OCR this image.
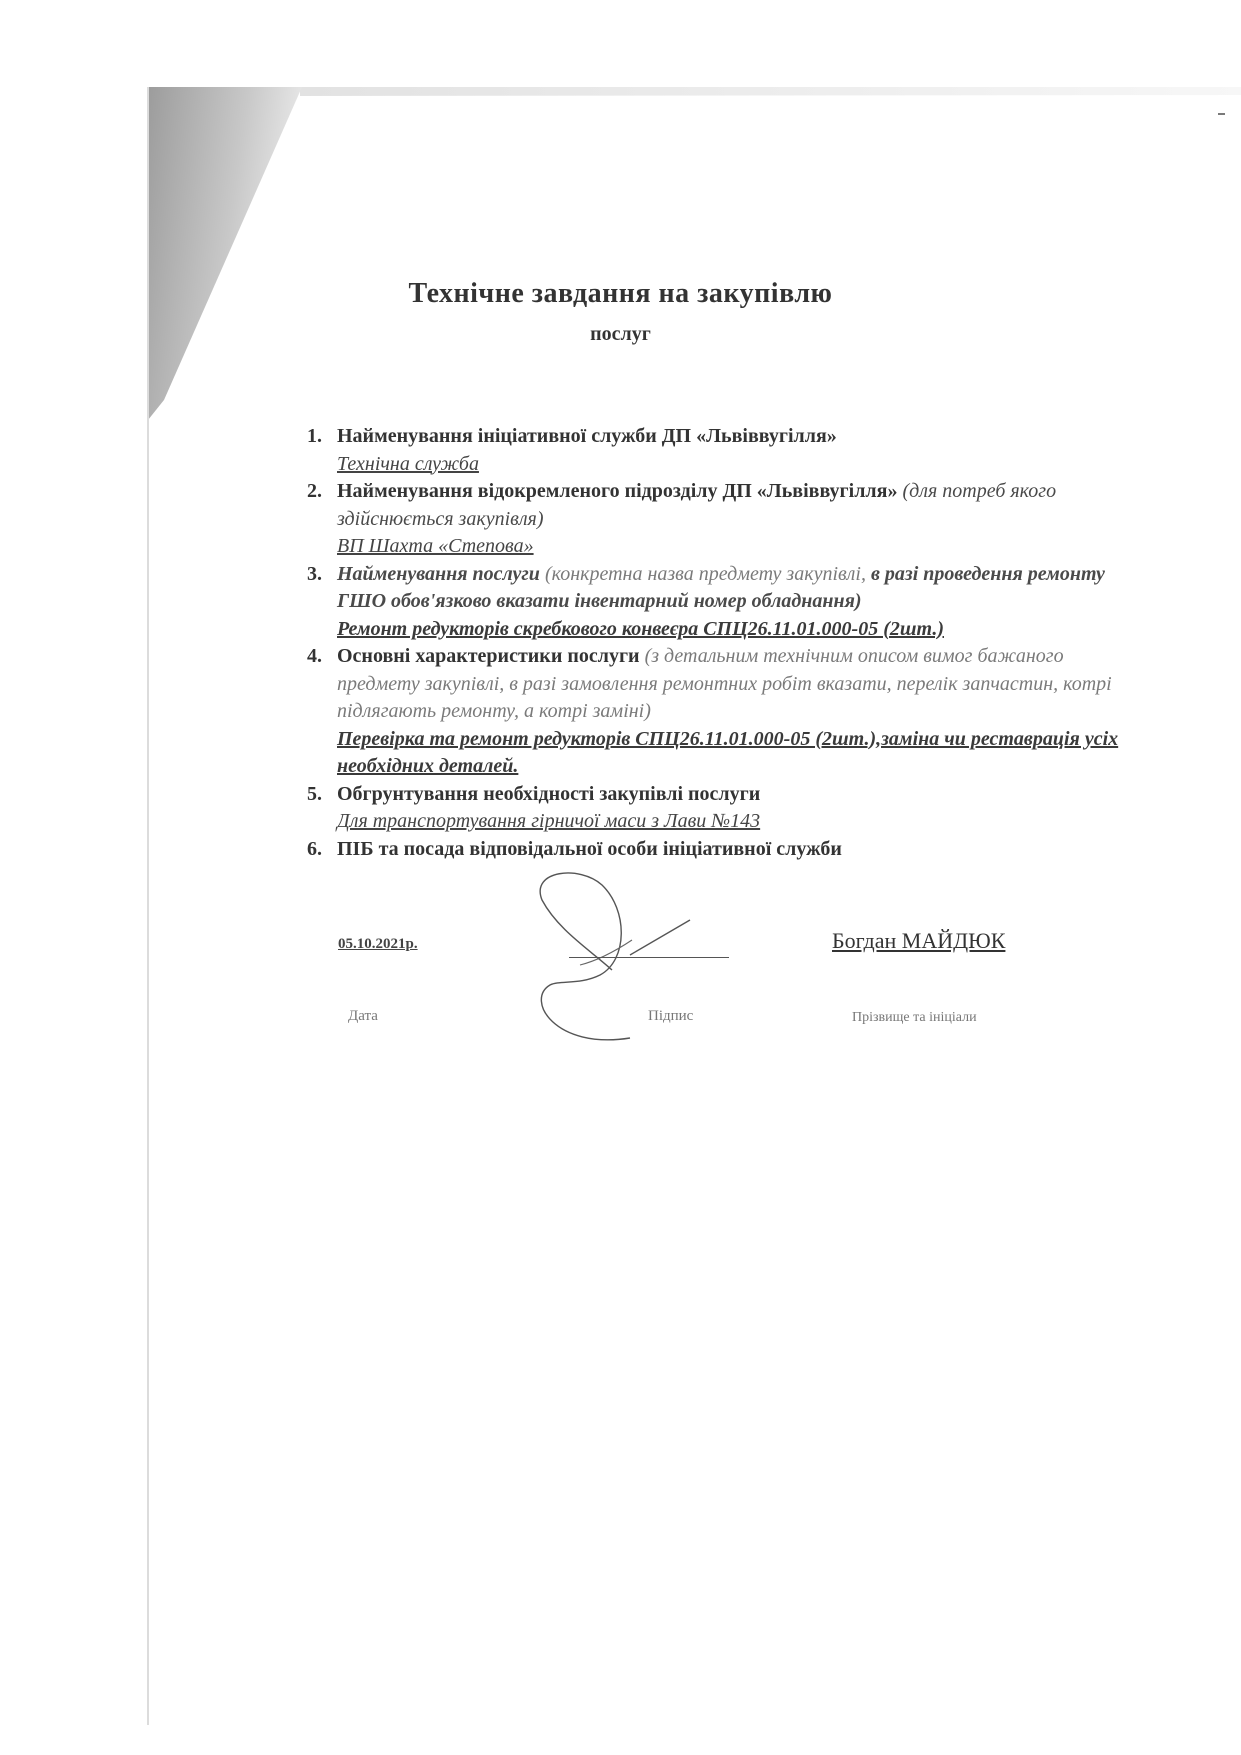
Технічне завдання на закупівлю
послуг
1. Найменування ініціативної служби ДП «Львіввугілля»
Технічна служба
2. Найменування відокремленого підрозділу ДП «Львіввугілля» (для потреб якого здійснюється закупівля)
ВП Шахта «Степова»
3. Найменування послуги (конкретна назва предмету закупівлі, в разі проведення ремонту ГШО обов'язково вказати інвентарний номер обладнання)
Ремонт редукторів скребкового конвеєра СПЦ26.11.01.000-05 (2шт.)
4. Основні характеристики послуги (з детальним технічним описом вимог бажаного предмету закупівлі, в разі замовлення ремонтних робіт вказати, перелік запчастин, котрі підлягають ремонту, а котрі заміні)
Перевірка та ремонт редукторів СПЦ26.11.01.000-05 (2шт.),заміна чи реставрація усіх необхідних деталей.
5. Обгрунтування необхідності закупівлі послуги
Для транспортування гірничої маси з Лави №143
6. ПІБ та посада відповідальної особи ініціативної служби
05.10.2021р.
Дата	Підпис
Богдан МАЙДЮК
Прізвище та ініціали
